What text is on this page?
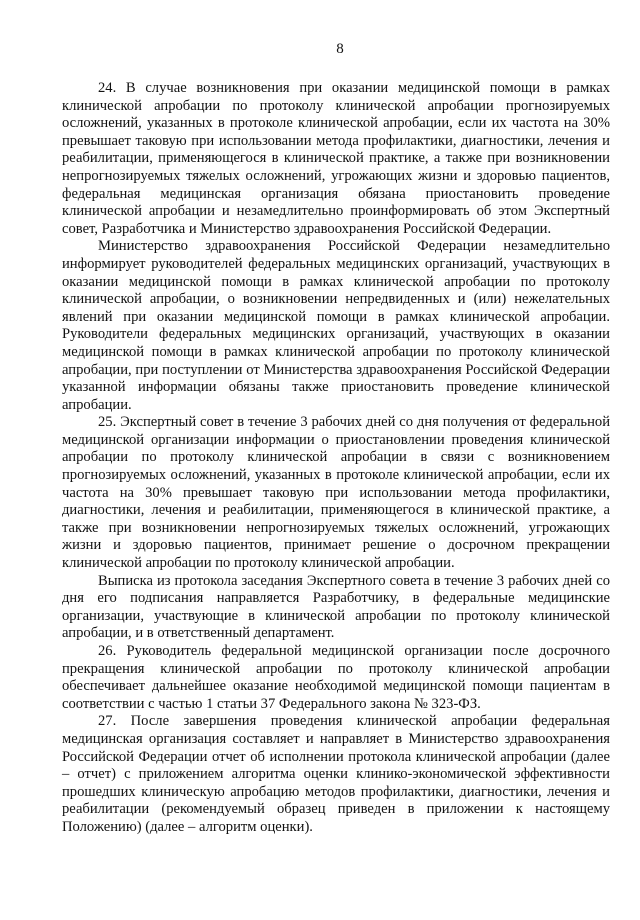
8

24. В случае возникновения при оказании медицинской помощи в рамках клинической апробации по протоколу клинической апробации прогнозируемых осложнений, указанных в протоколе клинической апробации, если их частота на 30% превышает таковую при использовании метода профилактики, диагностики, лечения и реабилитации, применяющегося в клинической практике, а также при возникновении непрогнозируемых тяжелых осложнений, угрожающих жизни и здоровью пациентов, федеральная медицинская организация обязана приостановить проведение клинической апробации и незамедлительно проинформировать об этом Экспертный совет, Разработчика и Министерство здравоохранения Российской Федерации.

Министерство здравоохранения Российской Федерации незамедлительно информирует руководителей федеральных медицинских организаций, участвующих в оказании медицинской помощи в рамках клинической апробации по протоколу клинической апробации, о возникновении непредвиденных и (или) нежелательных явлений при оказании медицинской помощи в рамках клинической апробации. Руководители федеральных медицинских организаций, участвующих в оказании медицинской помощи в рамках клинической апробации по протоколу клинической апробации, при поступлении от Министерства здравоохранения Российской Федерации указанной информации обязаны также приостановить проведение клинической апробации.

25. Экспертный совет в течение 3 рабочих дней со дня получения от федеральной медицинской организации информации о приостановлении проведения клинической апробации по протоколу клинической апробации в связи с возникновением прогнозируемых осложнений, указанных в протоколе клинической апробации, если их частота на 30% превышает таковую при использовании метода профилактики, диагностики, лечения и реабилитации, применяющегося в клинической практике, а также при возникновении непрогнозируемых тяжелых осложнений, угрожающих жизни и здоровью пациентов, принимает решение о досрочном прекращении клинической апробации по протоколу клинической апробации.

Выписка из протокола заседания Экспертного совета в течение 3 рабочих дней со дня его подписания направляется Разработчику, в федеральные медицинские организации, участвующие в клинической апробации по протоколу клинической апробации, и в ответственный департамент.

26. Руководитель федеральной медицинской организации после досрочного прекращения клинической апробации по протоколу клинической апробации обеспечивает дальнейшее оказание необходимой медицинской помощи пациентам в соответствии с частью 1 статьи 37 Федерального закона № 323-ФЗ.

27. После завершения проведения клинической апробации федеральная медицинская организация составляет и направляет в Министерство здравоохранения Российской Федерации отчет об исполнении протокола клинической апробации (далее – отчет) с приложением алгоритма оценки клинико-экономической эффективности прошедших клиническую апробацию методов профилактики, диагностики, лечения и реабилитации (рекомендуемый образец приведен в приложении к настоящему Положению) (далее – алгоритм оценки).
